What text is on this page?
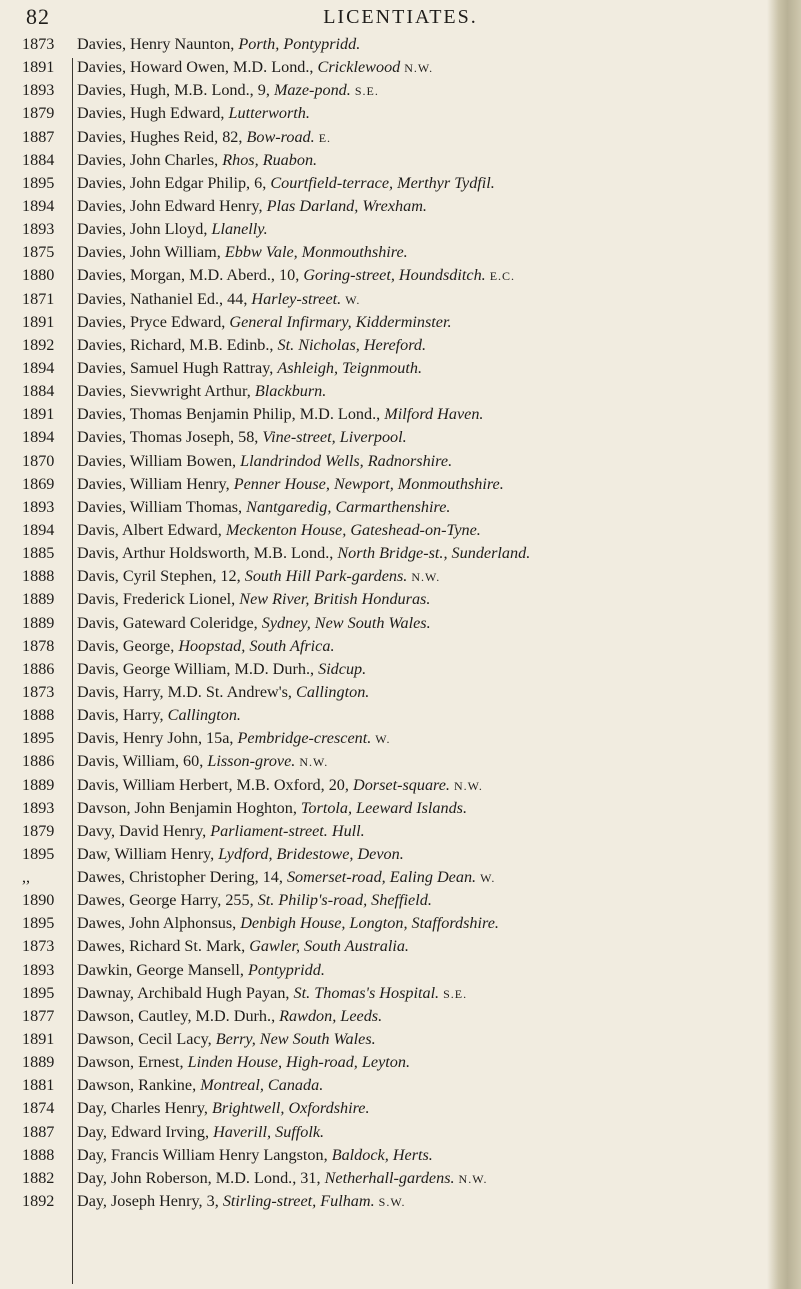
82	LICENTIATES.
1873	Davies, Henry Naunton, Porth, Pontypridd.
1891	Davies, Howard Owen, M.D. Lond., Cricklewood N.W.
1893	Davies, Hugh, M.B. Lond., 9, Maze-pond. S.E.
1879	Davies, Hugh Edward, Lutterworth.
1887	Davies, Hughes Reid, 82, Bow-road. E.
1884	Davies, John Charles, Rhos, Ruabon.
1895	Davies, John Edgar Philip, 6, Courtfield-terrace, Merthyr Tydfil.
1894	Davies, John Edward Henry, Plas Darland, Wrexham.
1893	Davies, John Lloyd, Llanelly.
1875	Davies, John William, Ebbw Vale, Monmouthshire.
1880	Davies, Morgan, M.D. Aberd., 10, Goring-street, Houndsditch. E.C.
1871	Davies, Nathaniel Ed., 44, Harley-street. W.
1891	Davies, Pryce Edward, General Infirmary, Kidderminster.
1892	Davies, Richard, M.B. Edinb., St. Nicholas, Hereford.
1894	Davies, Samuel Hugh Rattray, Ashleigh, Teignmouth.
1884	Davies, Sievwright Arthur, Blackburn.
1891	Davies, Thomas Benjamin Philip, M.D. Lond., Milford Haven.
1894	Davies, Thomas Joseph, 58, Vine-street, Liverpool.
1870	Davies, William Bowen, Llandrindod Wells, Radnorshire.
1869	Davies, William Henry, Penner House, Newport, Monmouthshire.
1893	Davies, William Thomas, Nantgaredig, Carmarthenshire.
1894	Davis, Albert Edward, Meckenton House, Gateshead-on-Tyne.
1885	Davis, Arthur Holdsworth, M.B. Lond., North Bridge-st., Sunderland.
1888	Davis, Cyril Stephen, 12, South Hill Park-gardens. N.W.
1889	Davis, Frederick Lionel, New River, British Honduras.
1889	Davis, Gateward Coleridge, Sydney, New South Wales.
1878	Davis, George, Hoopstad, South Africa.
1886	Davis, George William, M.D. Durh., Sidcup.
1873	Davis, Harry, M.D. St. Andrew's, Callington.
1888	Davis, Harry, Callington.
1895	Davis, Henry John, 15a, Pembridge-crescent. W.
1886	Davis, William, 60, Lisson-grove. N.W.
1889	Davis, William Herbert, M.B. Oxford, 20, Dorset-square. N.W.
1893	Davson, John Benjamin Hoghton, Tortola, Leeward Islands.
1879	Davy, David Henry, Parliament-street. Hull.
1895	Daw, William Henry, Lydford, Bridestowe, Devon.
,,	Dawes, Christopher Dering, 14, Somerset-road, Ealing Dean. W.
1890	Dawes, George Harry, 255, St. Philip's-road, Sheffield.
1895	Dawes, John Alphonsus, Denbigh House, Longton, Staffordshire.
1873	Dawes, Richard St. Mark, Gawler, South Australia.
1893	Dawkin, George Mansell, Pontypridd.
1895	Dawnay, Archibald Hugh Payan, St. Thomas's Hospital. S.E.
1877	Dawson, Cautley, M.D. Durh., Rawdon, Leeds.
1891	Dawson, Cecil Lacy, Berry, New South Wales.
1889	Dawson, Ernest, Linden House, High-road, Leyton.
1881	Dawson, Rankine, Montreal, Canada.
1874	Day, Charles Henry, Brightwell, Oxfordshire.
1887	Day, Edward Irving, Haverill, Suffolk.
1888	Day, Francis William Henry Langston, Baldock, Herts.
1882	Day, John Roberson, M.D. Lond., 31, Netherhall-gardens. N.W.
1892	Day, Joseph Henry, 3, Stirling-street, Fulham. S.W.
